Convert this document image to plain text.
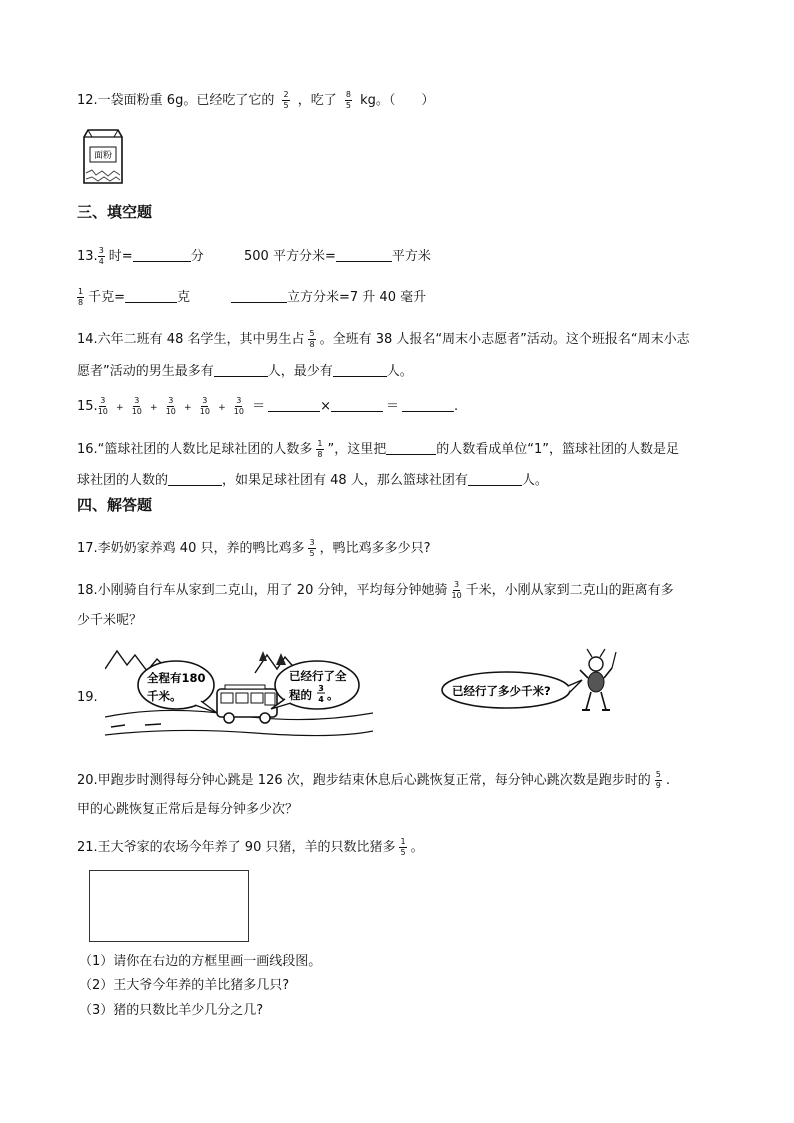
12.一袋面粉重 6g。已经吃了它的 $\frac{2}{5}$ ，吃了 $\frac{8}{5}$ kg。（　　）
面粉
三、填空题
13. $\frac{3}{4}$ 时=	分	500 平方分米=	平方米
$\frac{1}{8}$ 千克=	克	立方分米=7 升 40 毫升
14.六年二班有 48 名学生，其中男生占 $\frac{5}{8}$ 。全班有 38 人报名“周末小志愿者”活动。这个班报名“周末小志
愿者”活动的男生最多有	人，最少有	人。
15. $\frac{3}{10} + \frac{3}{10} + \frac{3}{10} + \frac{3}{10} + \frac{3}{10}$ ＝	×	＝	.
16.“篮球社团的人数比足球社团的人数多 $\frac{1}{8}$ ”，这里把	的人数看成单位“1”，篮球社团的人数是足
球社团的人数的	，如果足球社团有 48 人，那么篮球社团有	人。
四、解答题
17.李奶奶家养鸡 40 只，养的鸭比鸡多 $\frac{3}{5}$ ，鸭比鸡多多少只?
18.小刚骑自行车从家到二克山，用了 20 分钟，平均每分钟她骑 $\frac{3}{10}$ 千米，小刚从家到二克山的距离有多
少千米呢？
19.
全程有180
千米。
已经行了全
程的 3
4 。	已经行了多少千米?
20.甲跑步时测得每分钟心跳是 126 次，跑步结束休息后心跳恢复正常，每分钟心跳次数是跑步时的 $\frac{5}{9}$ .
甲的心跳恢复正常后是每分钟多少次？
21.王大爷家的农场今年养了 90 只猪，羊的只数比猪多 $\frac{1}{5}$ 。
（1）请你在右边的方框里画一画线段图。
（2）王大爷今年养的羊比猪多几只?
（3）猪的只数比羊少几分之几?
